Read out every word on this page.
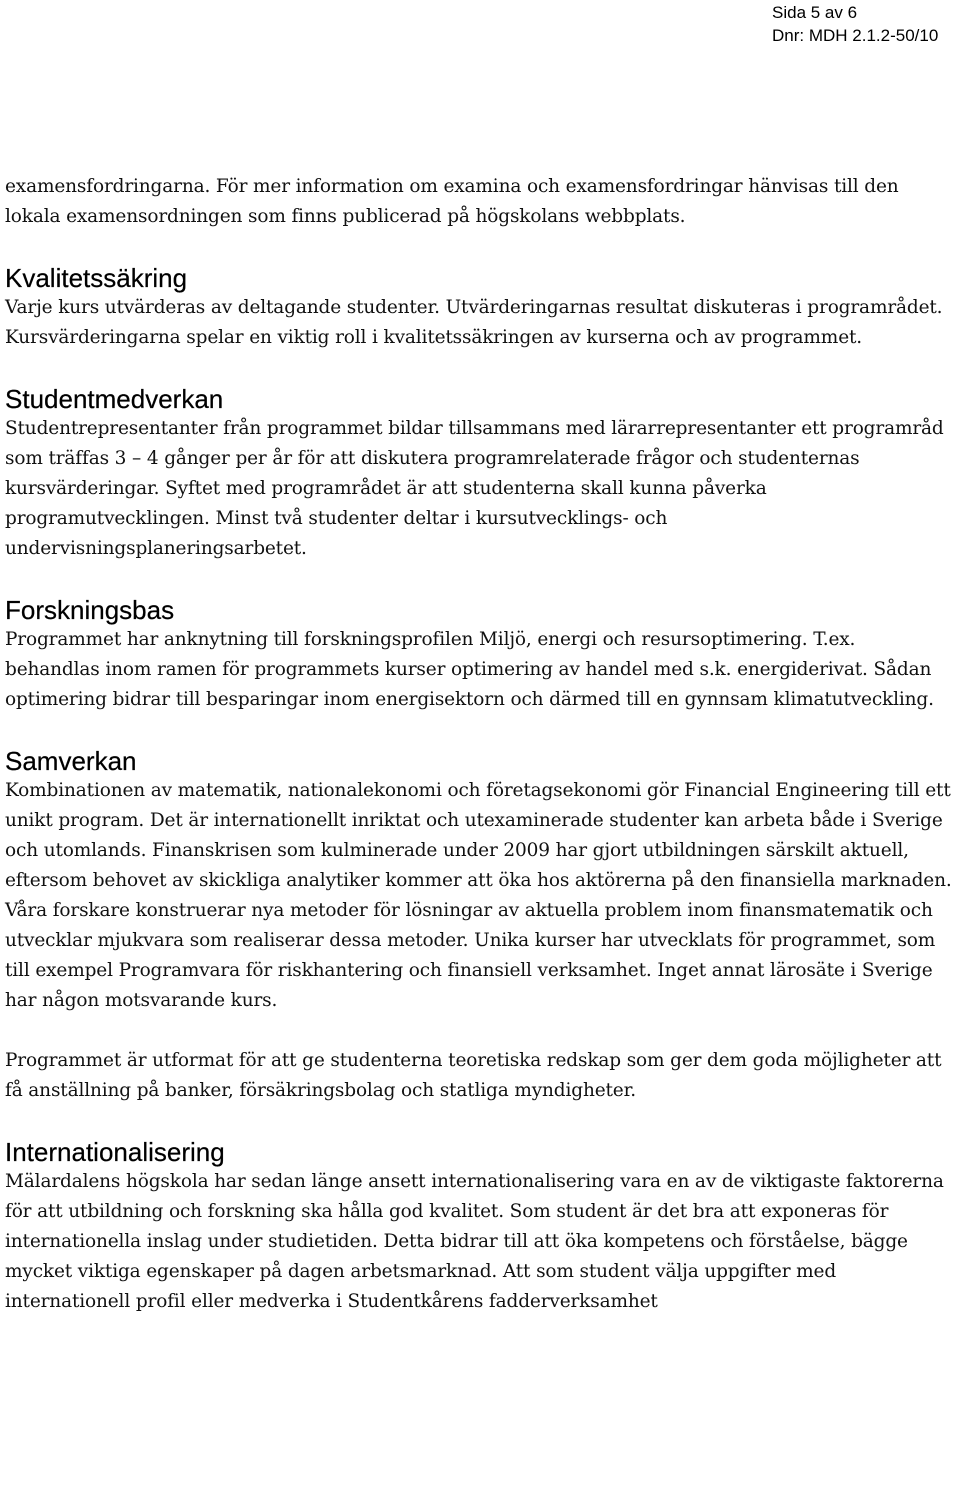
Sida 5 av 6
Dnr: MDH 2.1.2-50/10

examensfordringarna. För mer information om examina och examensfordringar hänvisas till den lokala examensordningen som finns publicerad på högskolans webbplats.

Kvalitetssäkring

Varje kurs utvärderas av deltagande studenter. Utvärderingarnas resultat diskuteras i programrådet. Kursvärderingarna spelar en viktig roll i kvalitetssäkringen av kurserna och av programmet.

Studentmedverkan

Studentrepresentanter från programmet bildar tillsammans med lärarrepresentanter ett programråd som träffas 3 – 4 gånger per år för att diskutera programrelaterade frågor och studenternas kursvärderingar. Syftet med programrådet är att studenterna skall kunna påverka programutvecklingen. Minst två studenter deltar i kursutvecklings- och undervisningsplaneringsarbetet.

Forskningsbas

Programmet har anknytning till forskningsprofilen Miljö, energi och resursoptimering. T.ex. behandlas inom ramen för programmets kurser optimering av handel med s.k. energiderivat. Sådan optimering bidrar till besparingar inom energisektorn och därmed till en gynnsam klimatutveckling.

Samverkan

Kombinationen av matematik, nationalekonomi och företagsekonomi gör Financial Engineering till ett unikt program. Det är internationellt inriktat och utexaminerade studenter kan arbeta både i Sverige och utomlands. Finanskrisen som kulminerade under 2009 har gjort utbildningen särskilt aktuell, eftersom behovet av skickliga analytiker kommer att öka hos aktörerna på den finansiella marknaden. Våra forskare konstruerar nya metoder för lösningar av aktuella problem inom finansmatematik och utvecklar mjukvara som realiserar dessa metoder. Unika kurser har utvecklats för programmet, som till exempel Programvara för riskhantering och finansiell verksamhet. Inget annat lärosäte i Sverige har någon motsvarande kurs.

Programmet är utformat för att ge studenterna teoretiska redskap som ger dem goda möjligheter att få anställning på banker, försäkringsbolag och statliga myndigheter.

Internationalisering

Mälardalens högskola har sedan länge ansett internationalisering vara en av de viktigaste faktorerna för att utbildning och forskning ska hålla god kvalitet. Som student är det bra att exponeras för internationella inslag under studietiden. Detta bidrar till att öka kompetens och förståelse, bägge mycket viktiga egenskaper på dagen arbetsmarknad. Att som student välja uppgifter med internationell profil eller medverka i Studentkårens fadderverksamhet
